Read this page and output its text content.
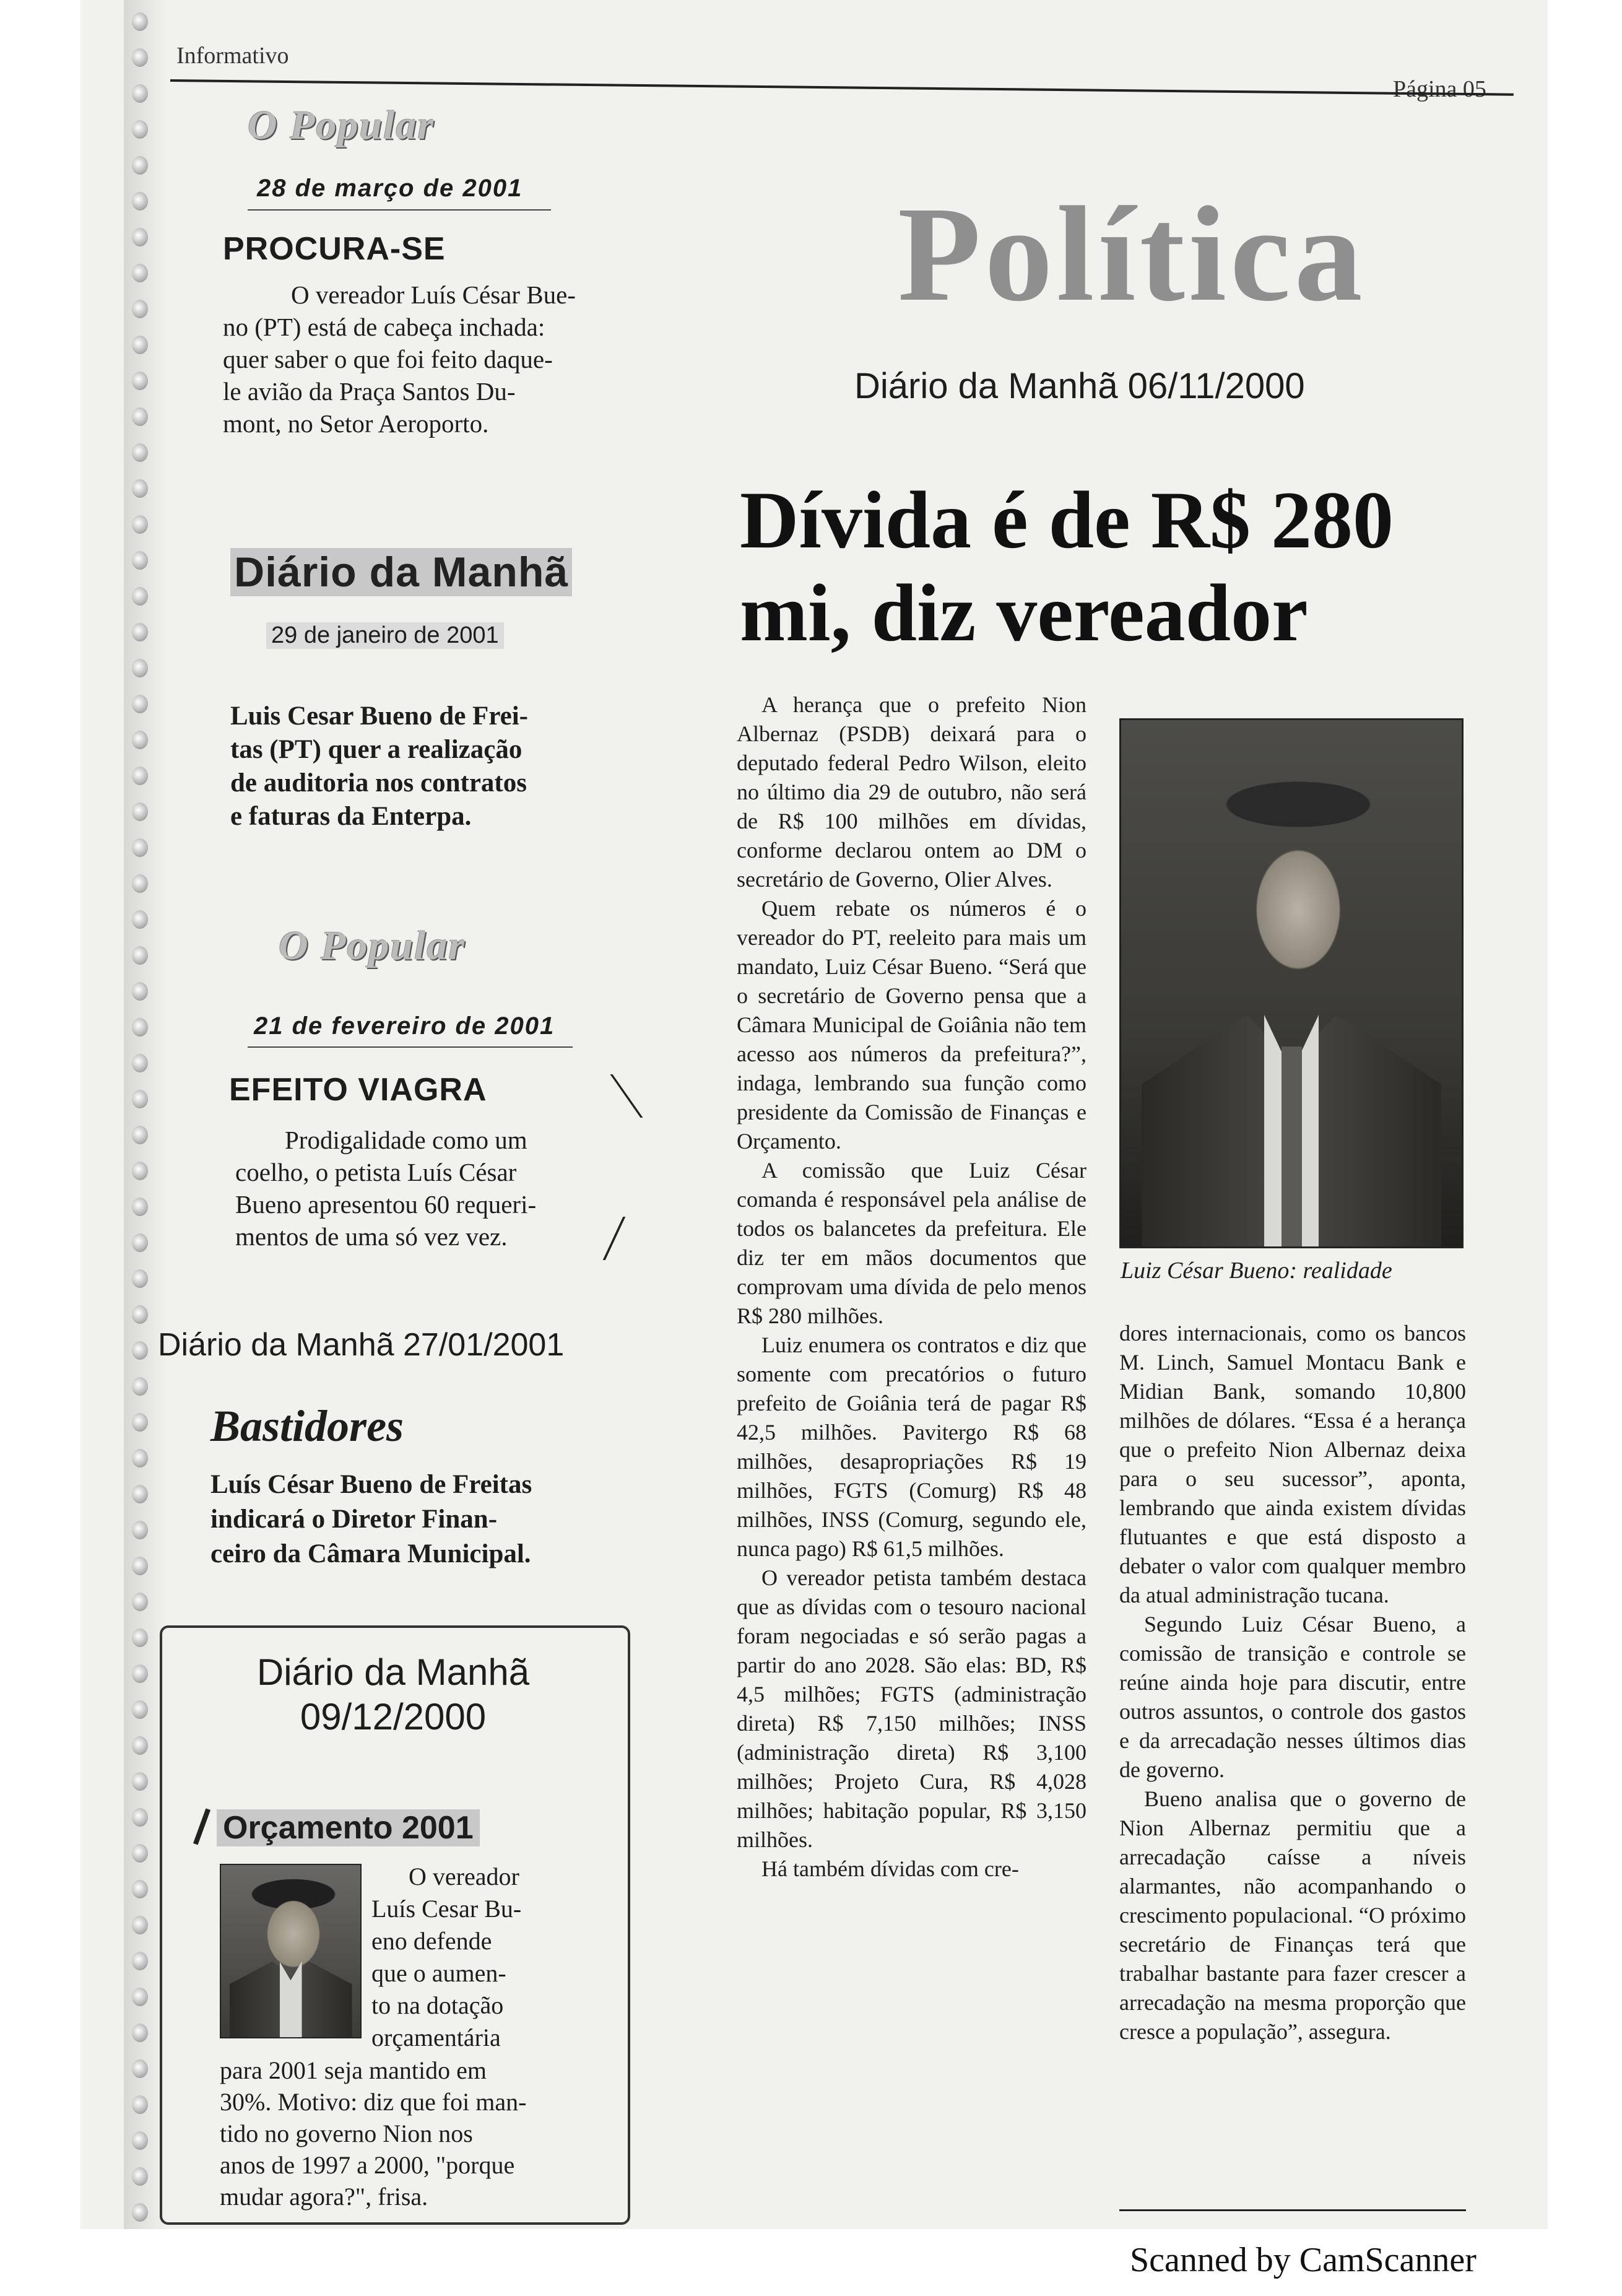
Informativo
Página 05
O Popular
28 de março de 2001
PROCURA-SE
O vereador Luís César Bue-
no (PT) está de cabeça inchada:
quer saber o que foi feito daque-
le avião da Praça Santos Du-
mont, no Setor Aeroporto.
Diário da Manhã
29 de janeiro de 2001
Luis Cesar Bueno de Frei-
tas (PT) quer a realização
de auditoria nos contratos
e faturas da Enterpa.
O Popular
21 de fevereiro de 2001
EFEITO VIAGRA
Prodigalidade como um
coelho, o petista Luís César
Bueno apresentou 60 requeri-
mentos de uma só vez vez.
Diário da Manhã 27/01/2001
Bastidores
Luís César Bueno de Freitas
indicará o Diretor Finan-
ceiro da Câmara Municipal.
Diário da Manhã
09/12/2000
Orçamento 2001
O vereador
Luís Cesar Bu-
eno defende
que o aumen-
to na dotação
orçamentária
para 2001 seja mantido em
30%. Motivo: diz que foi man-
tido no governo Nion nos
anos de 1997 a 2000, "porque
mudar agora?", frisa.
Política
Diário da Manhã 06/11/2000
Dívida é de R$ 280
mi, diz vereador

A herança que o prefeito Nion Albernaz (PSDB) deixará para o deputado federal Pedro Wilson, eleito no último dia 29 de outubro, não será de R$ 100 milhões em dívidas, conforme declarou ontem ao DM o secretário de Governo, Olier Alves.

Quem rebate os números é o vereador do PT, reeleito para mais um mandato, Luiz César Bueno. “Será que o secretário de Governo pensa que a Câmara Municipal de Goiânia não tem acesso aos números da prefeitura?”, indaga, lembrando sua função como presidente da Comissão de Finanças e Orçamento.

A comissão que Luiz César comanda é responsável pela análise de todos os balancetes da prefeitura. Ele diz ter em mãos documentos que comprovam uma dívida de pelo menos R$ 280 milhões.

Luiz enumera os contratos e diz que somente com precatórios o futuro prefeito de Goiânia terá de pagar R$ 42,5 milhões. Pavitergo R$ 68 milhões, desapropriações R$ 19 milhões, FGTS (Comurg) R$ 48 milhões, INSS (Comurg, segundo ele, nunca pago) R$ 61,5 milhões.

O vereador petista também destaca que as dívidas com o tesouro nacional foram negociadas e só serão pagas a partir do ano 2028. São elas: BD, R$ 4,5 milhões; FGTS (administração direta) R$ 7,150 milhões; INSS (administração direta) R$ 3,100 milhões; Projeto Cura, R$ 4,028 milhões; habitação popular, R$ 3,150 milhões.

Há também dívidas com cre-

Luiz César Bueno: realidade

dores internacionais, como os bancos M. Linch, Samuel Montacu Bank e Midian Bank, somando 10,800 milhões de dólares. “Essa é a herança que o prefeito Nion Albernaz deixa para o seu sucessor”, aponta, lembrando que ainda existem dívidas flutuantes e que está disposto a debater o valor com qualquer membro da atual administração tucana.

Segundo Luiz César Bueno, a comissão de transição e controle se reúne ainda hoje para discutir, entre outros assuntos, o controle dos gastos e da arrecadação nesses últimos dias de governo.

Bueno analisa que o governo de Nion Albernaz permitiu que a arrecadação caísse a níveis alarmantes, não acompanhando o crescimento populacional. “O próximo secretário de Finanças terá que trabalhar bastante para fazer crescer a arrecadação na mesma proporção que cresce a população”, assegura.

Scanned by CamScanner
